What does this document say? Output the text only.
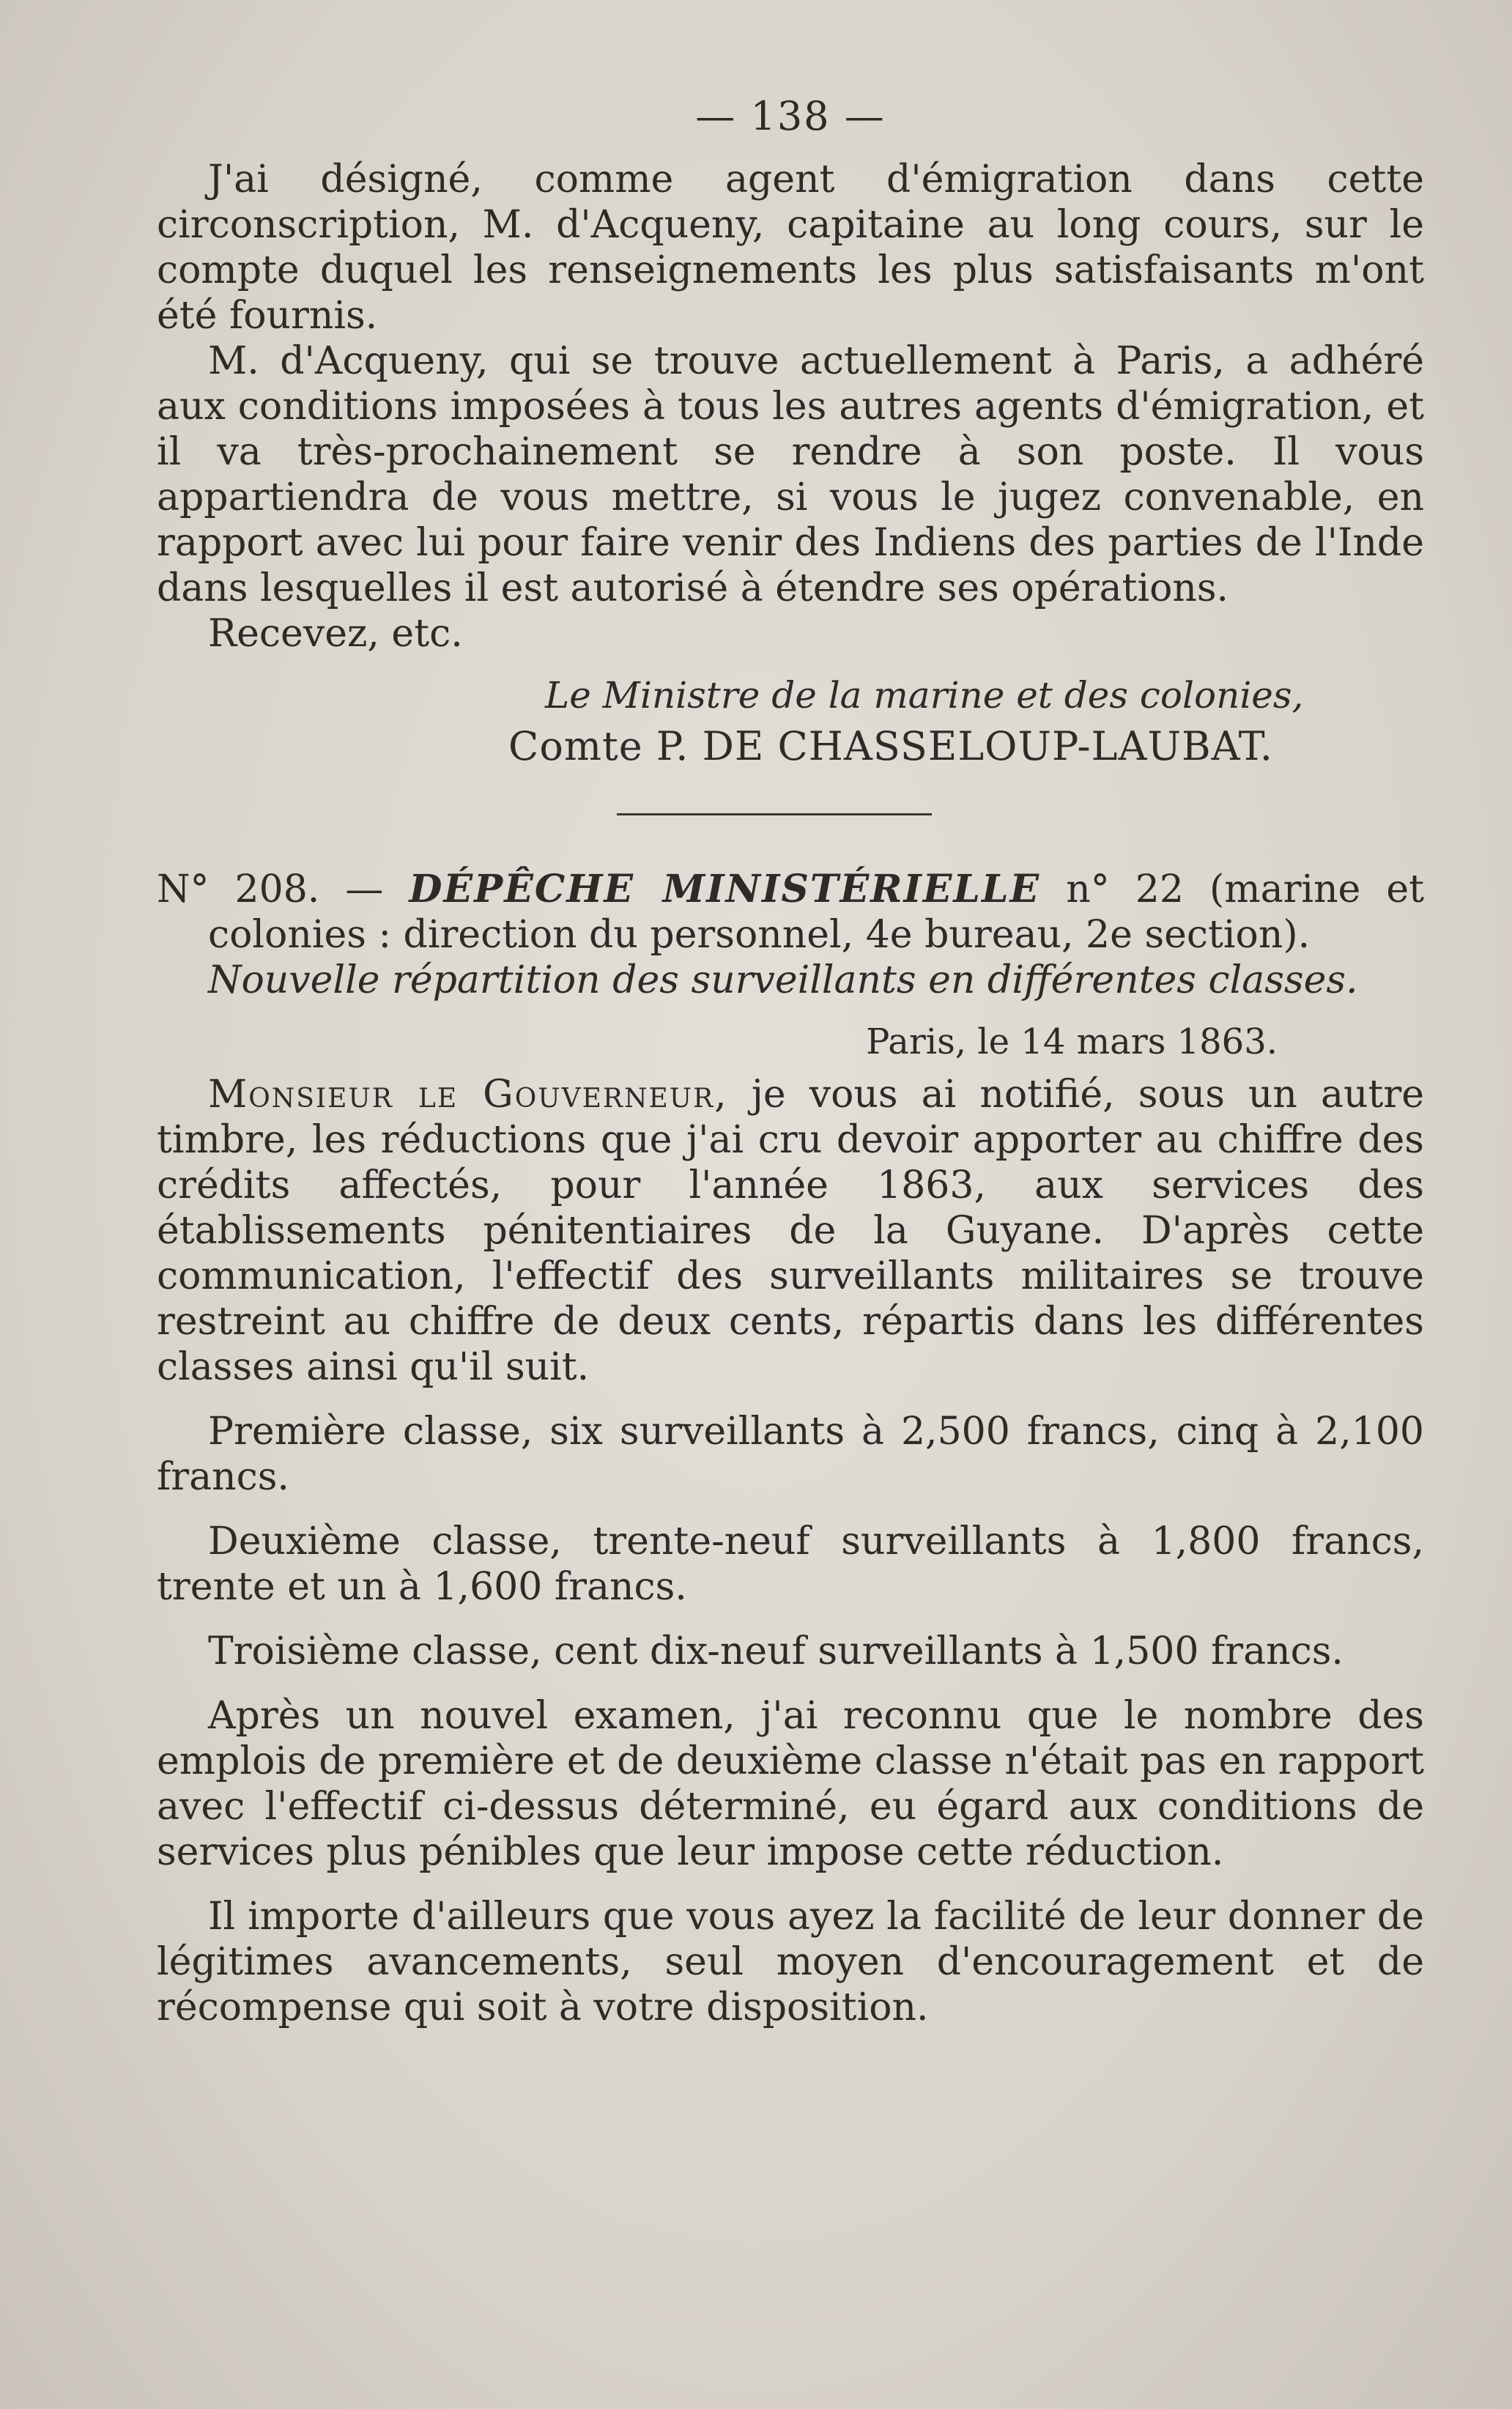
— 138 —

J'ai désigné, comme agent d'émigration dans cette circonscription, M. d'Acqueny, capitaine au long cours, sur le compte duquel les renseignements les plus satisfaisants m'ont été fournis.

M. d'Acqueny, qui se trouve actuellement à Paris, a adhéré aux conditions imposées à tous les autres agents d'émigration, et il va très-prochainement se rendre à son poste. Il vous appartiendra de vous mettre, si vous le jugez convenable, en rapport avec lui pour faire venir des Indiens des parties de l'Inde dans lesquelles il est autorisé à étendre ses opérations.

Recevez, etc.

Le Ministre de la marine et des colonies,
Comte P. DE CHASSELOUP-LAUBAT.

N° 208. — DÉPÊCHE MINISTÉRIELLE n° 22 (marine et colonies : direction du personnel, 4e bureau, 2e section).

Nouvelle répartition des surveillants en différentes classes.

Paris, le 14 mars 1863.

Monsieur le Gouverneur, je vous ai notifié, sous un autre timbre, les réductions que j'ai cru devoir apporter au chiffre des crédits affectés, pour l'année 1863, aux services des établissements pénitentiaires de la Guyane. D'après cette communication, l'effectif des surveillants militaires se trouve restreint au chiffre de deux cents, répartis dans les différentes classes ainsi qu'il suit.

Première classe, six surveillants à 2,500 francs, cinq à 2,100 francs.

Deuxième classe, trente-neuf surveillants à 1,800 francs, trente et un à 1,600 francs.

Troisième classe, cent dix-neuf surveillants à 1,500 francs.

Après un nouvel examen, j'ai reconnu que le nombre des emplois de première et de deuxième classe n'était pas en rapport avec l'effectif ci-dessus déterminé, eu égard aux conditions de services plus pénibles que leur impose cette réduction.

Il importe d'ailleurs que vous ayez la facilité de leur donner de légitimes avancements, seul moyen d'encouragement et de récompense qui soit à votre disposition.
